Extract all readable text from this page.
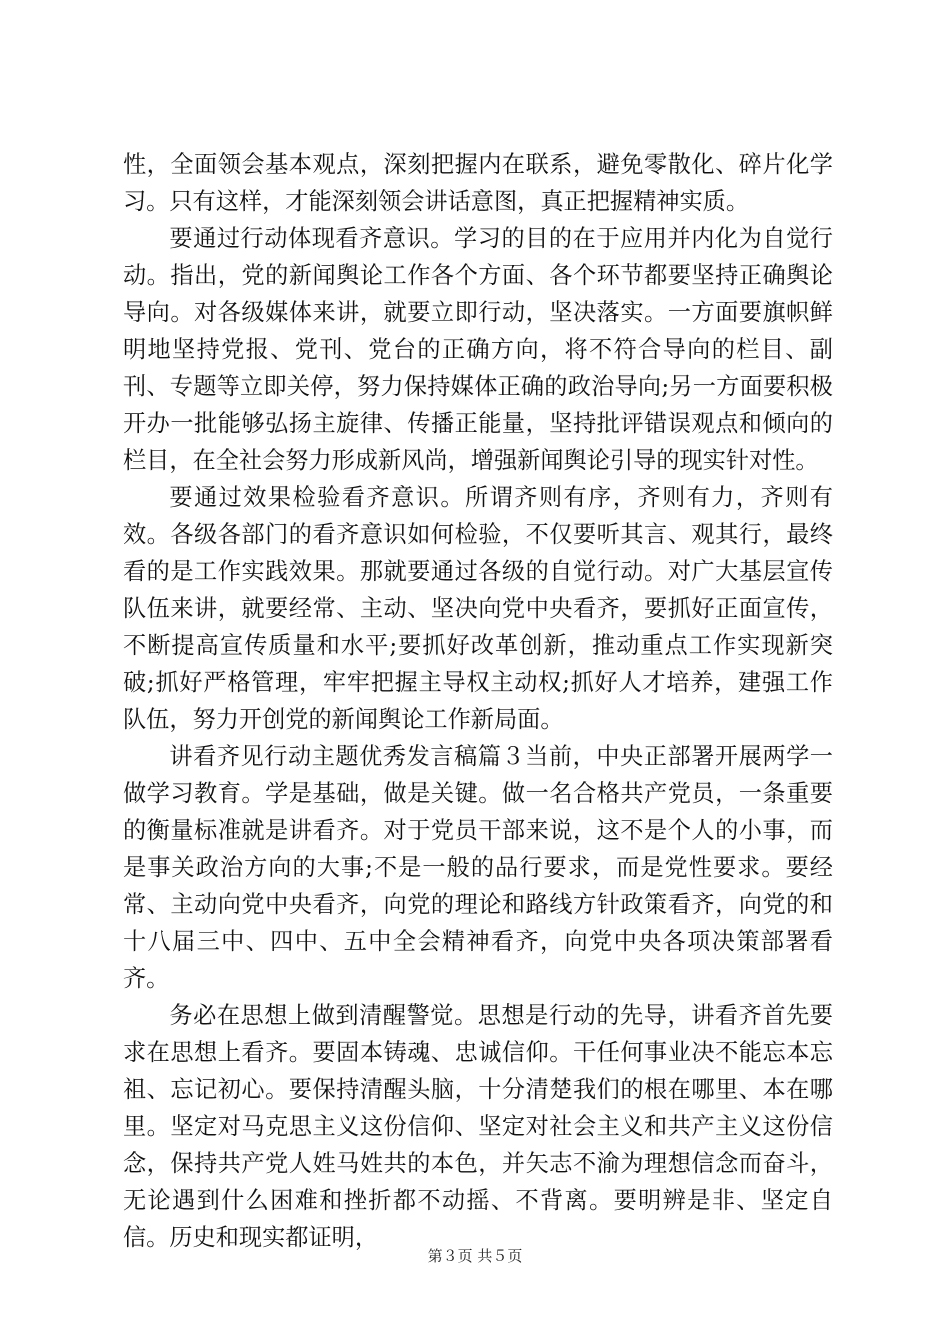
性，全面领会基本观点，深刻把握内在联系，避免零散化、碎片化学习。只有这样，才能深刻领会讲话意图，真正把握精神实质。

要通过行动体现看齐意识。学习的目的在于应用并内化为自觉行动。指出，党的新闻舆论工作各个方面、各个环节都要坚持正确舆论导向。对各级媒体来讲，就要立即行动，坚决落实。一方面要旗帜鲜明地坚持党报、党刊、党台的正确方向，将不符合导向的栏目、副刊、专题等立即关停，努力保持媒体正确的政治导向;另一方面要积极开办一批能够弘扬主旋律、传播正能量，坚持批评错误观点和倾向的栏目，在全社会努力形成新风尚，增强新闻舆论引导的现实针对性。

要通过效果检验看齐意识。所谓齐则有序，齐则有力，齐则有效。各级各部门的看齐意识如何检验，不仅要听其言、观其行，最终看的是工作实践效果。那就要通过各级的自觉行动。对广大基层宣传队伍来讲，就要经常、主动、坚决向党中央看齐，要抓好正面宣传，不断提高宣传质量和水平;要抓好改革创新，推动重点工作实现新突破;抓好严格管理，牢牢把握主导权主动权;抓好人才培养，建强工作队伍，努力开创党的新闻舆论工作新局面。

讲看齐见行动主题优秀发言稿篇３当前，中央正部署开展两学一做学习教育。学是基础，做是关键。做一名合格共产党员，一条重要的衡量标准就是讲看齐。对于党员干部来说，这不是个人的小事，而是事关政治方向的大事;不是一般的品行要求，而是党性要求。要经常、主动向党中央看齐，向党的理论和路线方针政策看齐，向党的和十八届三中、四中、五中全会精神看齐，向党中央各项决策部署看齐。

务必在思想上做到清醒警觉。思想是行动的先导，讲看齐首先要求在思想上看齐。要固本铸魂、忠诚信仰。干任何事业决不能忘本忘祖、忘记初心。要保持清醒头脑，十分清楚我们的根在哪里、本在哪里。坚定对马克思主义这份信仰、坚定对社会主义和共产主义这份信念，保持共产党人姓马姓共的本色，并矢志不渝为理想信念而奋斗，无论遇到什么困难和挫折都不动摇、不背离。要明辨是非、坚定自信。历史和现实都证明，

第３页 共５页
